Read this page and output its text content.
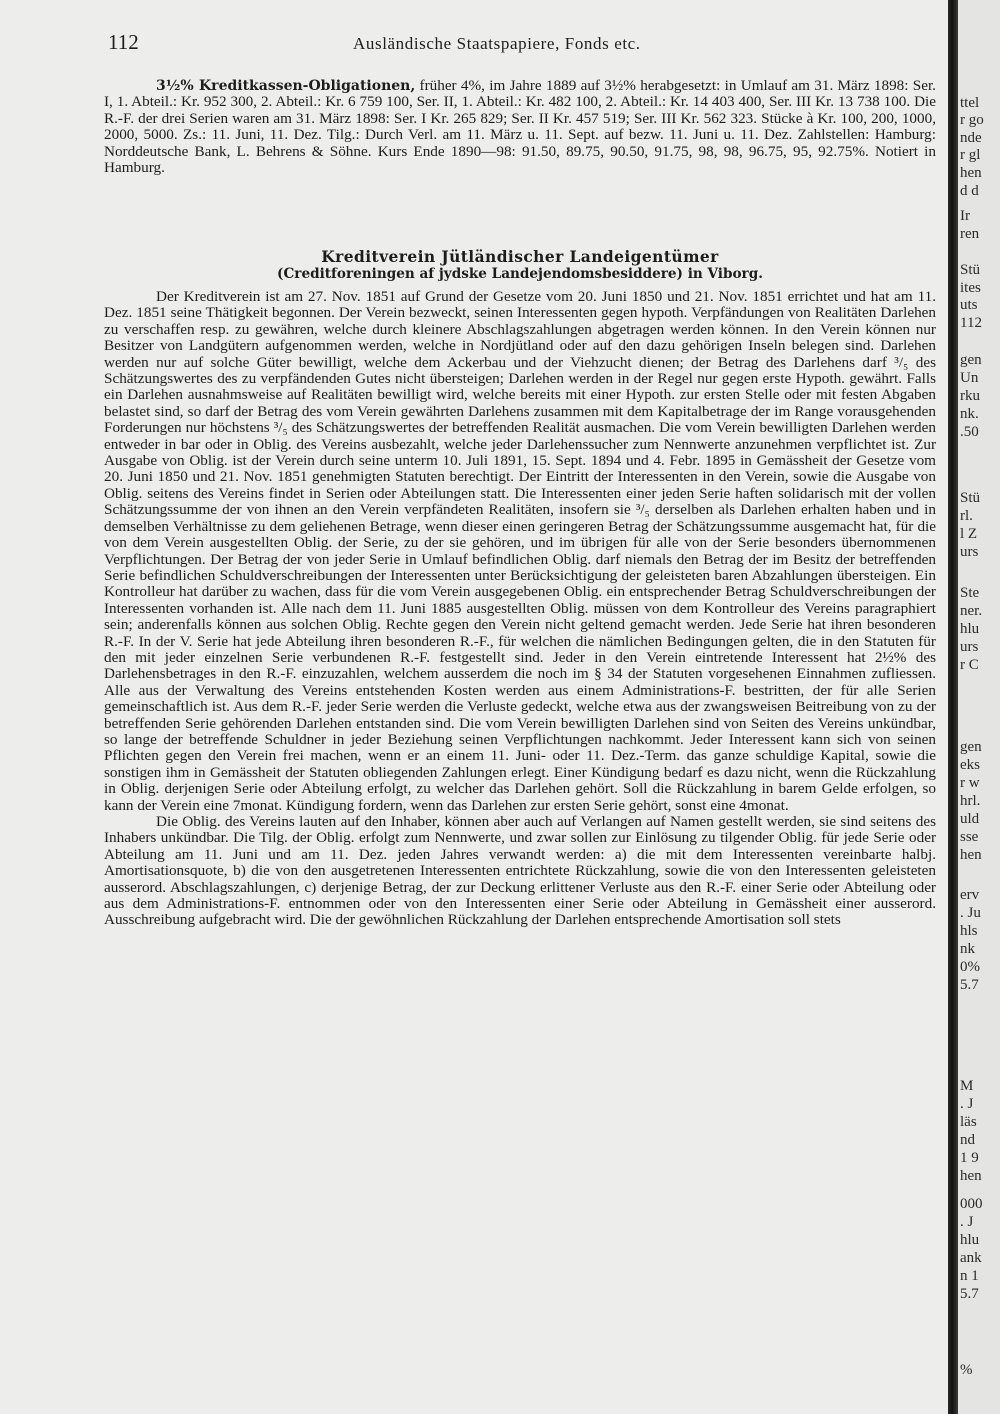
112	Ausländische Staatspapiere, Fonds etc.

3½% Kreditkassen-Obligationen, früher 4%, im Jahre 1889 auf 3½% herabgesetzt: in Umlauf am 31. März 1898: Ser. I, 1. Abteil.: Kr. 952 300, 2. Abteil.: Kr. 6 759 100, Ser. II, 1. Abteil.: Kr. 482 100, 2. Abteil.: Kr. 14 403 400, Ser. III Kr. 13 738 100. Die R.-F. der drei Serien waren am 31. März 1898: Ser. I Kr. 265 829; Ser. II Kr. 457 519; Ser. III Kr. 562 323. Stücke à Kr. 100, 200, 1000, 2000, 5000. Zs.: 11. Juni, 11. Dez. Tilg.: Durch Verl. am 11. März u. 11. Sept. auf bezw. 11. Juni u. 11. Dez. Zahlstellen: Hamburg: Norddeutsche Bank, L. Behrens & Söhne. Kurs Ende 1890—98: 91.50, 89.75, 90.50, 91.75, 98, 98, 96.75, 95, 92.75%. Notiert in Hamburg.

Kreditverein Jütländischer Landeigentümer
(Creditforeningen af jydske Landejendomsbesiddere) in Viborg.

Der Kreditverein ist am 27. Nov. 1851 auf Grund der Gesetze vom 20. Juni 1850 und 21. Nov. 1851 errichtet und hat am 11. Dez. 1851 seine Thätigkeit begonnen. Der Verein bezweckt, seinen Interessenten gegen hypoth. Verpfändungen von Realitäten Darlehen zu verschaffen resp. zu gewähren, welche durch kleinere Abschlagszahlungen abgetragen werden können. In den Verein können nur Besitzer von Landgütern aufgenommen werden, welche in Nordjütland oder auf den dazu gehörigen Inseln belegen sind. Darlehen werden nur auf solche Güter bewilligt, welche dem Ackerbau und der Viehzucht dienen; der Betrag des Darlehens darf ³/₅ des Schätzungswertes des zu verpfändenden Gutes nicht übersteigen; Darlehen werden in der Regel nur gegen erste Hypoth. gewährt. Falls ein Darlehen ausnahmsweise auf Realitäten bewilligt wird, welche bereits mit einer Hypoth. zur ersten Stelle oder mit festen Abgaben belastet sind, so darf der Betrag des vom Verein gewährten Darlehens zusammen mit dem Kapitalbetrage der im Range vorausgehenden Forderungen nur höchstens ³/₅ des Schätzungswertes der betreffenden Realität ausmachen. Die vom Verein bewilligten Darlehen werden entweder in bar oder in Oblig. des Vereins ausbezahlt, welche jeder Darlehenssucher zum Nennwerte anzunehmen verpflichtet ist. Zur Ausgabe von Oblig. ist der Verein durch seine unterm 10. Juli 1891, 15. Sept. 1894 und 4. Febr. 1895 in Gemässheit der Gesetze vom 20. Juni 1850 und 21. Nov. 1851 genehmigten Statuten berechtigt. Der Eintritt der Interessenten in den Verein, sowie die Ausgabe von Oblig. seitens des Vereins findet in Serien oder Abteilungen statt. Die Interessenten einer jeden Serie haften solidarisch mit der vollen Schätzungssumme der von ihnen an den Verein verpfändeten Realitäten, insofern sie ³/₅ derselben als Darlehen erhalten haben und in demselben Verhältnisse zu dem geliehenen Betrage, wenn dieser einen geringeren Betrag der Schätzungssumme ausgemacht hat, für die von dem Verein ausgestellten Oblig. der Serie, zu der sie gehören, und im übrigen für alle von der Serie besonders übernommenen Verpflichtungen. Der Betrag der von jeder Serie in Umlauf befindlichen Oblig. darf niemals den Betrag der im Besitz der betreffenden Serie befindlichen Schuldverschreibungen der Interessenten unter Berücksichtigung der geleisteten baren Abzahlungen übersteigen. Ein Kontrolleur hat darüber zu wachen, dass für die vom Verein ausgegebenen Oblig. ein entsprechender Betrag Schuldverschreibungen der Interessenten vorhanden ist. Alle nach dem 11. Juni 1885 ausgestellten Oblig. müssen von dem Kontrolleur des Vereins paragraphiert sein; anderenfalls können aus solchen Oblig. Rechte gegen den Verein nicht geltend gemacht werden. Jede Serie hat ihren besonderen R.-F. In der V. Serie hat jede Abteilung ihren besonderen R.-F., für welchen die nämlichen Bedingungen gelten, die in den Statuten für den mit jeder einzelnen Serie verbundenen R.-F. festgestellt sind. Jeder in den Verein eintretende Interessent hat 2½% des Darlehensbetrages in den R.-F. einzuzahlen, welchem ausserdem die noch im § 34 der Statuten vorgesehenen Einnahmen zufliessen. Alle aus der Verwaltung des Vereins entstehenden Kosten werden aus einem Administrations-F. bestritten, der für alle Serien gemeinschaftlich ist. Aus dem R.-F. jeder Serie werden die Verluste gedeckt, welche etwa aus der zwangsweisen Beitreibung von zu der betreffenden Serie gehörenden Darlehen entstanden sind. Die vom Verein bewilligten Darlehen sind von Seiten des Vereins unkündbar, so lange der betreffende Schuldner in jeder Beziehung seinen Verpflichtungen nachkommt. Jeder Interessent kann sich von seinen Pflichten gegen den Verein frei machen, wenn er an einem 11. Juni- oder 11. Dez.-Term. das ganze schuldige Kapital, sowie die sonstigen ihm in Gemässheit der Statuten obliegenden Zahlungen erlegt. Einer Kündigung bedarf es dazu nicht, wenn die Rückzahlung in Oblig. derjenigen Serie oder Abteilung erfolgt, zu welcher das Darlehen gehört. Soll die Rückzahlung in barem Gelde erfolgen, so kann der Verein eine 7monat. Kündigung fordern, wenn das Darlehen zur ersten Serie gehört, sonst eine 4monat.

Die Oblig. des Vereins lauten auf den Inhaber, können aber auch auf Verlangen auf Namen gestellt werden, sie sind seitens des Inhabers unkündbar. Die Tilg. der Oblig. erfolgt zum Nennwerte, und zwar sollen zur Einlösung zu tilgender Oblig. für jede Serie oder Abteilung am 11. Juni und am 11. Dez. jeden Jahres verwandt werden: a) die mit dem Interessenten vereinbarte halbj. Amortisationsquote, b) die von den ausgetretenen Interessenten entrichtete Rückzahlung, sowie die von den Interessenten geleisteten ausserord. Abschlagszahlungen, c) derjenige Betrag, der zur Deckung erlittener Verluste aus den R.-F. einer Serie oder Abteilung oder aus dem Administrations-F. entnommen oder von den Interessenten einer Serie oder Abteilung in Gemässheit einer ausserord. Ausschreibung aufgebracht wird. Die der gewöhnlichen Rückzahlung der Darlehen entsprechende Amortisation soll stets

ttel
r go
nde
r gl
hen
d d
Ir
ren
Stü
ites
uts
112
gen
Un
rku
nk.
.50
Stü
rl.
l Z
urs
Ste
ner.
hlu
urs
r C
gen
eks
r w
hrl.
uld
sse
hen
erv
. Ju
hls
nk
0%
5.7
M
. J
läs
nd
1 9
hen
000
. J
hlu
ank
n 1
5.7
%
